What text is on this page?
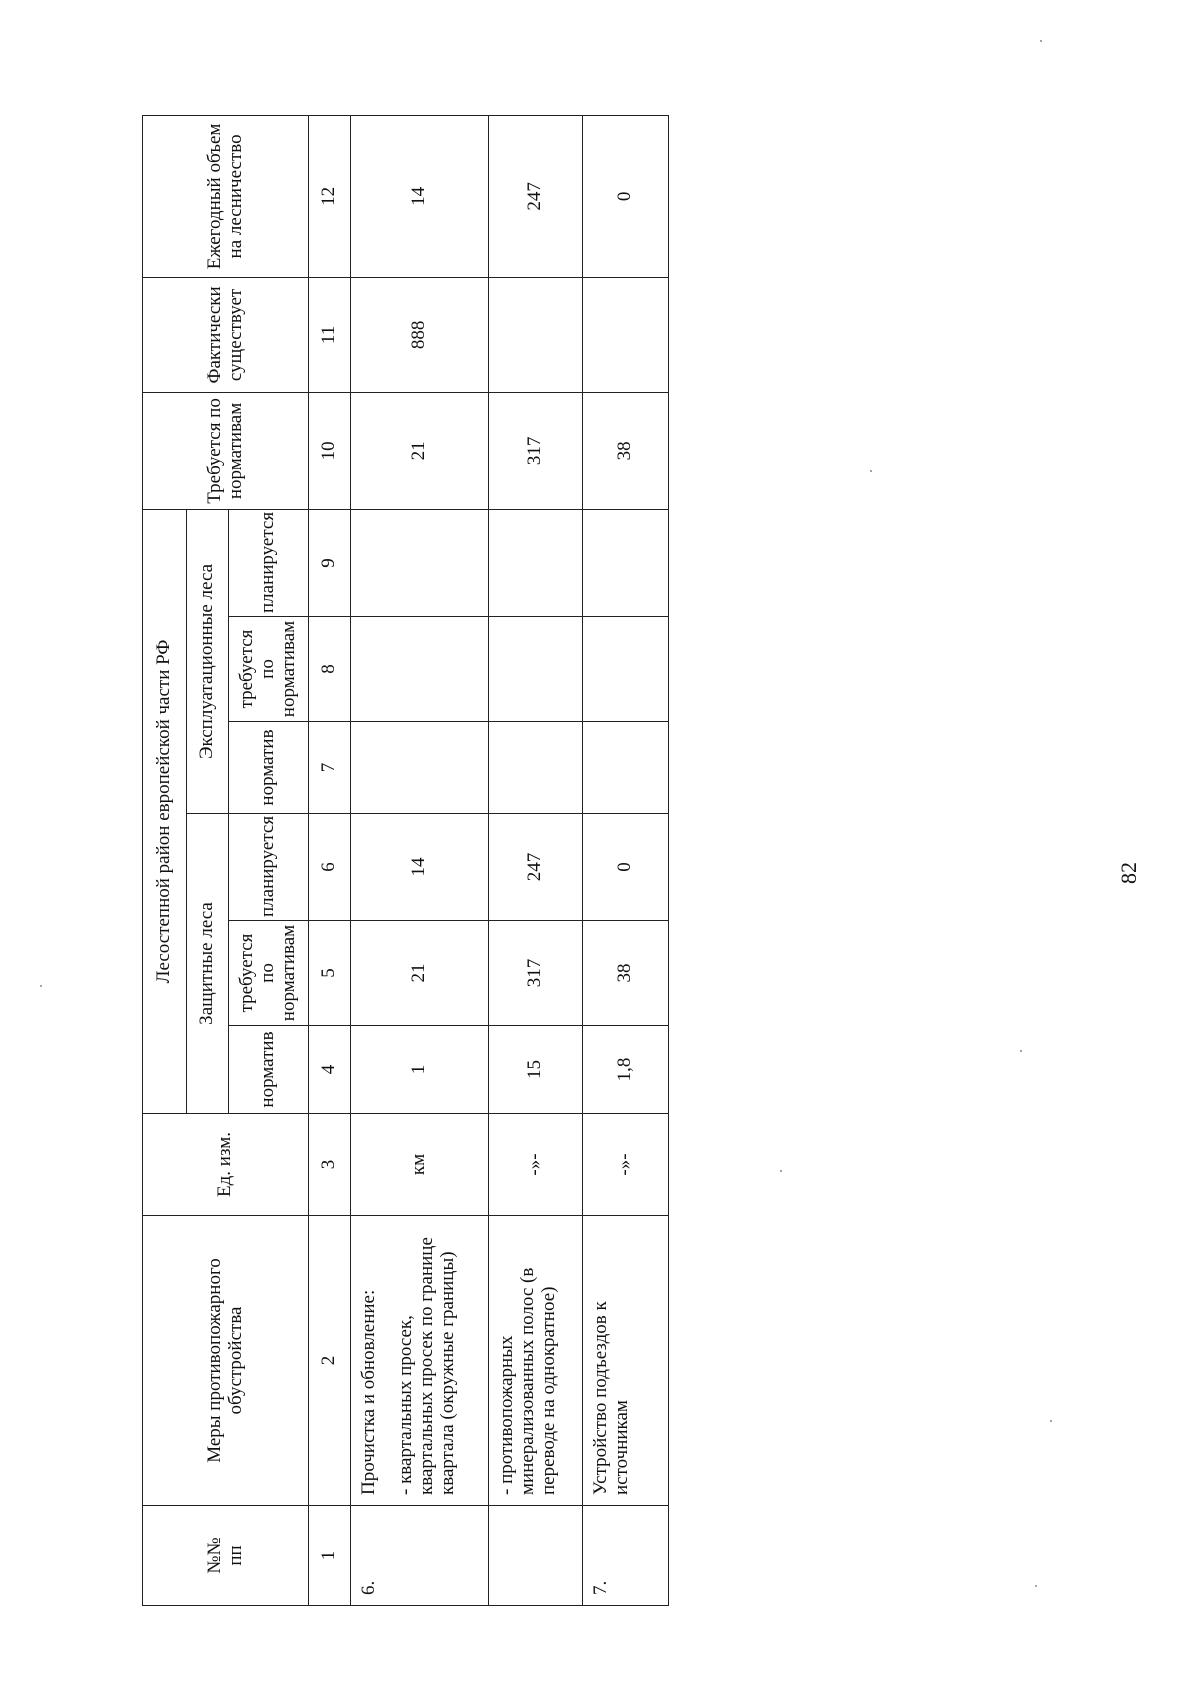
№№
пп	Меры противопожарного обустройства	Ед. изм.	Лесостепной район европейской части РФ						Требуется по нормативам	Фактически существует	Ежегодный объем на лесничество
			Защитные леса			Эксплуатационные леса					
			норматив	требуется по нормативам	планируется	норматив	требуется по нормативам	планируется			
1	2	3	4	5	6	7	8	9	10	11	12
6.	Прочистка и обновление: - квартальных просек, квартальных просек по границе квартала (окружные границы)	км	1	21	14				21	888	14
	- противопожарных минерализованных полос (в переводе на однократное)	-»-	15	317	247				317		247
7.	Устройство подъездов к источникам	-»-	1,8	38	0				38		0
82
